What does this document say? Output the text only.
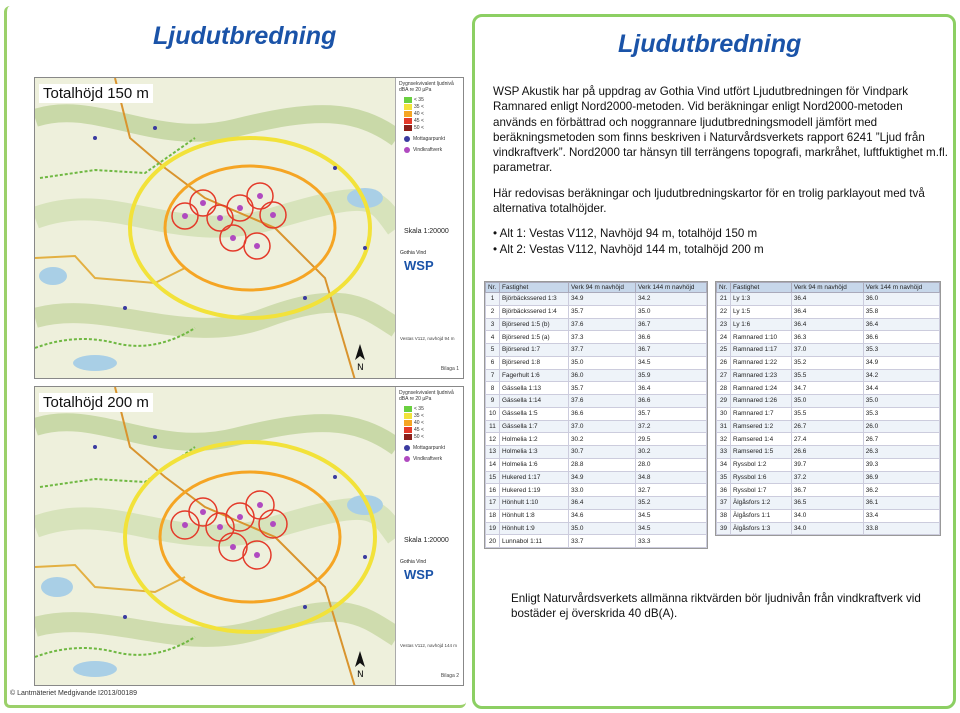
Ljudutbredning	Ljudutbredning
N
Totalhöjd 150 m
Dygnsekvivalent ljudnivå dBA re 20 µPa
< 35
35 <
40 <
45 <
50 <
Mottagarpunkt
Vindkraftverk
Skala 1:20000
Gothia Vind
WSP
Vestas V112, navhöjd 94 m
Bilaga 1
N
Totalhöjd 200 m
Dygnsekvivalent ljudnivå dBA re 20 µPa
< 35
35 <
40 <
45 <
50 <
Mottagarpunkt
Vindkraftverk
Skala 1:20000
Gothia Vind
WSP
Vestas V112, navhöjd 144 m
Bilaga 2
© Lantmäteriet Medgivande I2013/00189

WSP Akustik har på uppdrag av Gothia Vind utfört Ljudutbredningen för Vindpark Ramnared enligt Nord2000-metoden. Vid beräkningar enligt Nord2000-metoden används en förbättrad och noggrannare ljudutbredningsmodell jämfört med beräkningsmetoden som finns beskriven i Naturvårdsverkets rapport 6241 ”Ljud från vindkraftverk”. Nord2000 tar hänsyn till terrängens topografi, markråhet, luftfuktighet m.fl. parametrar.

Här redovisas beräkningar och ljudutbredningskartor för en trolig parklayout med två alternativa totalhöjder.

• Alt 1: Vestas V112, Navhöjd 94 m, totalhöjd 150 m
• Alt 2: Vestas V112, Navhöjd 144 m, totalhöjd 200 m
Nr.	Fastighet	Verk 94 m navhöjd	Verk 144 m navhöjd
1	Björbäckssered 1:3	34.9	34.2
2	Björbäckssered 1:4	35.7	35.0
3	Björsered 1:5 (b)	37.6	36.7
4	Björsered 1:5 (a)	37.3	36.6
5	Björsered 1:7	37.7	36.7
6	Björsered 1:8	35.0	34.5
7	Fagerhult 1:6	36.0	35.9
8	Gässella 1:13	35.7	36.4
9	Gässella 1:14	37.6	36.6
10	Gässella 1:5	36.6	35.7
11	Gässella 1:7	37.0	37.2
12	Holmelia 1:2	30.2	29.5
13	Holmelia 1:3	30.7	30.2
14	Holmelia 1:6	28.8	28.0
15	Hukered 1:17	34.9	34.8
16	Hukered 1:19	33.0	32.7
17	Hönhult 1:10	36.4	35.2
18	Hönhult 1:8	34.6	34.5
19	Hönhult 1:9	35.0	34.5
20	Lunnabol 1:11	33.7	33.3
Nr.	Fastighet	Verk 94 m navhöjd	Verk 144 m navhöjd
21	Ly 1:3	36.4	36.0
22	Ly 1:5	36.4	35.8
23	Ly 1:6	36.4	36.4
24	Ramnared 1:10	36.3	36.6
25	Ramnared 1:17	37.0	35.3
26	Ramnared 1:22	35.2	34.9
27	Ramnared 1:23	35.5	34.2
28	Ramnared 1:24	34.7	34.4
29	Ramnared 1:26	35.0	35.0
30	Ramnared 1:7	35.5	35.3
31	Ramsered 1:2	26.7	26.0
32	Ramsered 1:4	27.4	26.7
33	Ramsered 1:5	26.6	26.3
34	Ryssbol 1:2	39.7	39.3
35	Ryssbol 1:6	37.2	36.9
36	Ryssbol 1:7	36.7	36.2
37	Älgåsfors 1:2	36.5	36.1
38	Älgåsfors 1:1	34.0	33.4
39	Älgåsfors 1:3	34.0	33.8
Enligt Naturvårdsverkets allmänna riktvärden bör ljudnivån från vindkraftverk vid bostäder ej överskrida 40 dB(A).
